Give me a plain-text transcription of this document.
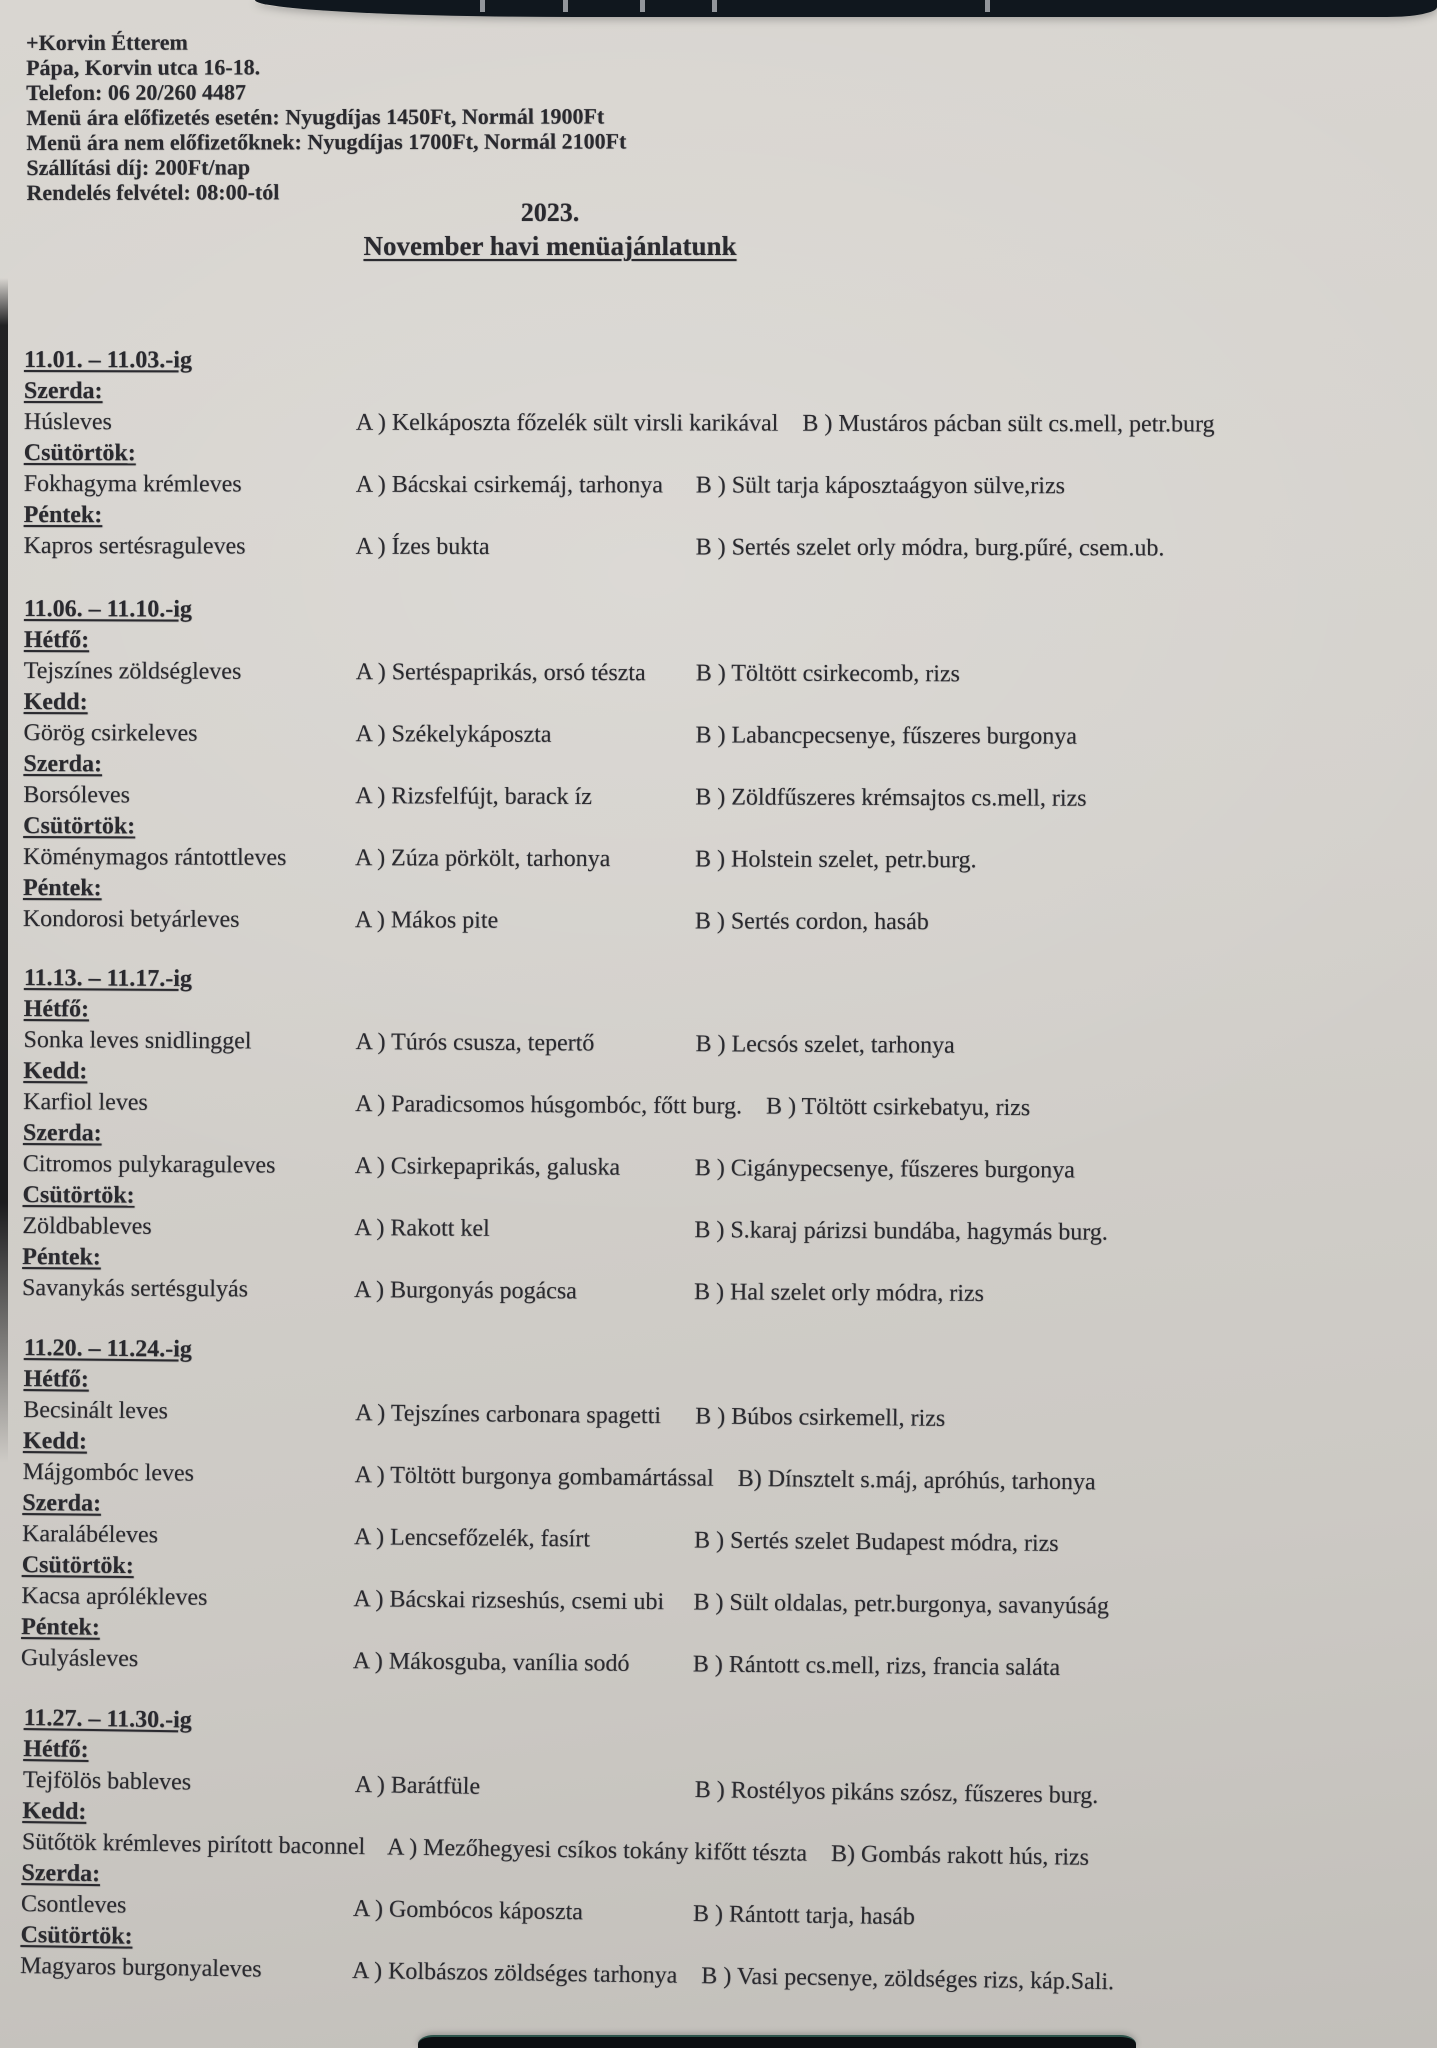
+Korvin Étterem
Pápa, Korvin utca 16-18.
Telefon: 06 20/260 4487
Menü ára előfizetés esetén: Nyugdíjas 1450Ft, Normál 1900Ft
Menü ára nem előfizetőknek: Nyugdíjas 1700Ft, Normál 2100Ft
Szállítási díj: 200Ft/nap
Rendelés felvétel: 08:00-tól
2023.
November havi menüajánlatunk
11.01. – 11.03.-ig
Szerda:
Húsleves	A ) Kelkáposzta főzelék sült virsli karikával B ) Mustáros pácban sült cs.mell, petr.burg
Csütörtök:
Fokhagyma krémleves	A ) Bácskai csirkemáj, tarhonya	B ) Sült tarja káposztaágyon sülve,rizs
Péntek:
Kapros sertésraguleves	A ) Ízes bukta	B ) Sertés szelet orly módra, burg.pűré, csem.ub.
11.06. – 11.10.-ig
Hétfő:
Tejszínes zöldségleves	A ) Sertéspaprikás, orsó tészta	B ) Töltött csirkecomb, rizs
Kedd:
Görög csirkeleves	A ) Székelykáposzta	B ) Labancpecsenye, fűszeres burgonya
Szerda:
Borsóleves	A ) Rizsfelfújt, barack íz	B ) Zöldfűszeres krémsajtos cs.mell, rizs
Csütörtök:
Köménymagos rántottleves	A ) Zúza pörkölt, tarhonya	B ) Holstein szelet, petr.burg.
Péntek:
Kondorosi betyárleves	A ) Mákos pite	B ) Sertés cordon, hasáb
11.13. – 11.17.-ig
Hétfő:
Sonka leves snidlinggel	A ) Túrós csusza, tepertő	B ) Lecsós szelet, tarhonya
Kedd:
Karfiol leves	A ) Paradicsomos húsgombóc, főtt burg. B ) Töltött csirkebatyu, rizs
Szerda:
Citromos pulykaraguleves	A ) Csirkepaprikás, galuska	B ) Cigánypecsenye, fűszeres burgonya
Csütörtök:
Zöldbableves	A ) Rakott kel	B ) S.karaj párizsi bundába, hagymás burg.
Péntek:
Savanykás sertésgulyás	A ) Burgonyás pogácsa	B ) Hal szelet orly módra, rizs
11.20. – 11.24.-ig
Hétfő:
Becsinált leves	A ) Tejszínes carbonara spagetti	B ) Búbos csirkemell, rizs
Kedd:
Májgombóc leves	A ) Töltött burgonya gombamártással B) Dínsztelt s.máj, apróhús, tarhonya
Szerda:
Karalábéleves	A ) Lencsefőzelék, fasírt	B ) Sertés szelet Budapest módra, rizs
Csütörtök:
Kacsa aprólékleves	A ) Bácskai rizseshús, csemi ubi	B ) Sült oldalas, petr.burgonya, savanyúság
Péntek:
Gulyásleves	A ) Mákosguba, vanília sodó	B ) Rántott cs.mell, rizs, francia saláta
11.27. – 11.30.-ig
Hétfő:
Tejfölös bableves	A ) Barátfüle	B ) Rostélyos pikáns szósz, fűszeres burg.
Kedd:
Sütőtök krémleves pirított baconnel A ) Mezőhegyesi csíkos tokány kifőtt tészta B) Gombás rakott hús, rizs
Szerda:
Csontleves	A ) Gombócos káposzta	B ) Rántott tarja, hasáb
Csütörtök:
Magyaros burgonyaleves	A ) Kolbászos zöldséges tarhonya B ) Vasi pecsenye, zöldséges rizs, káp.Sali.
